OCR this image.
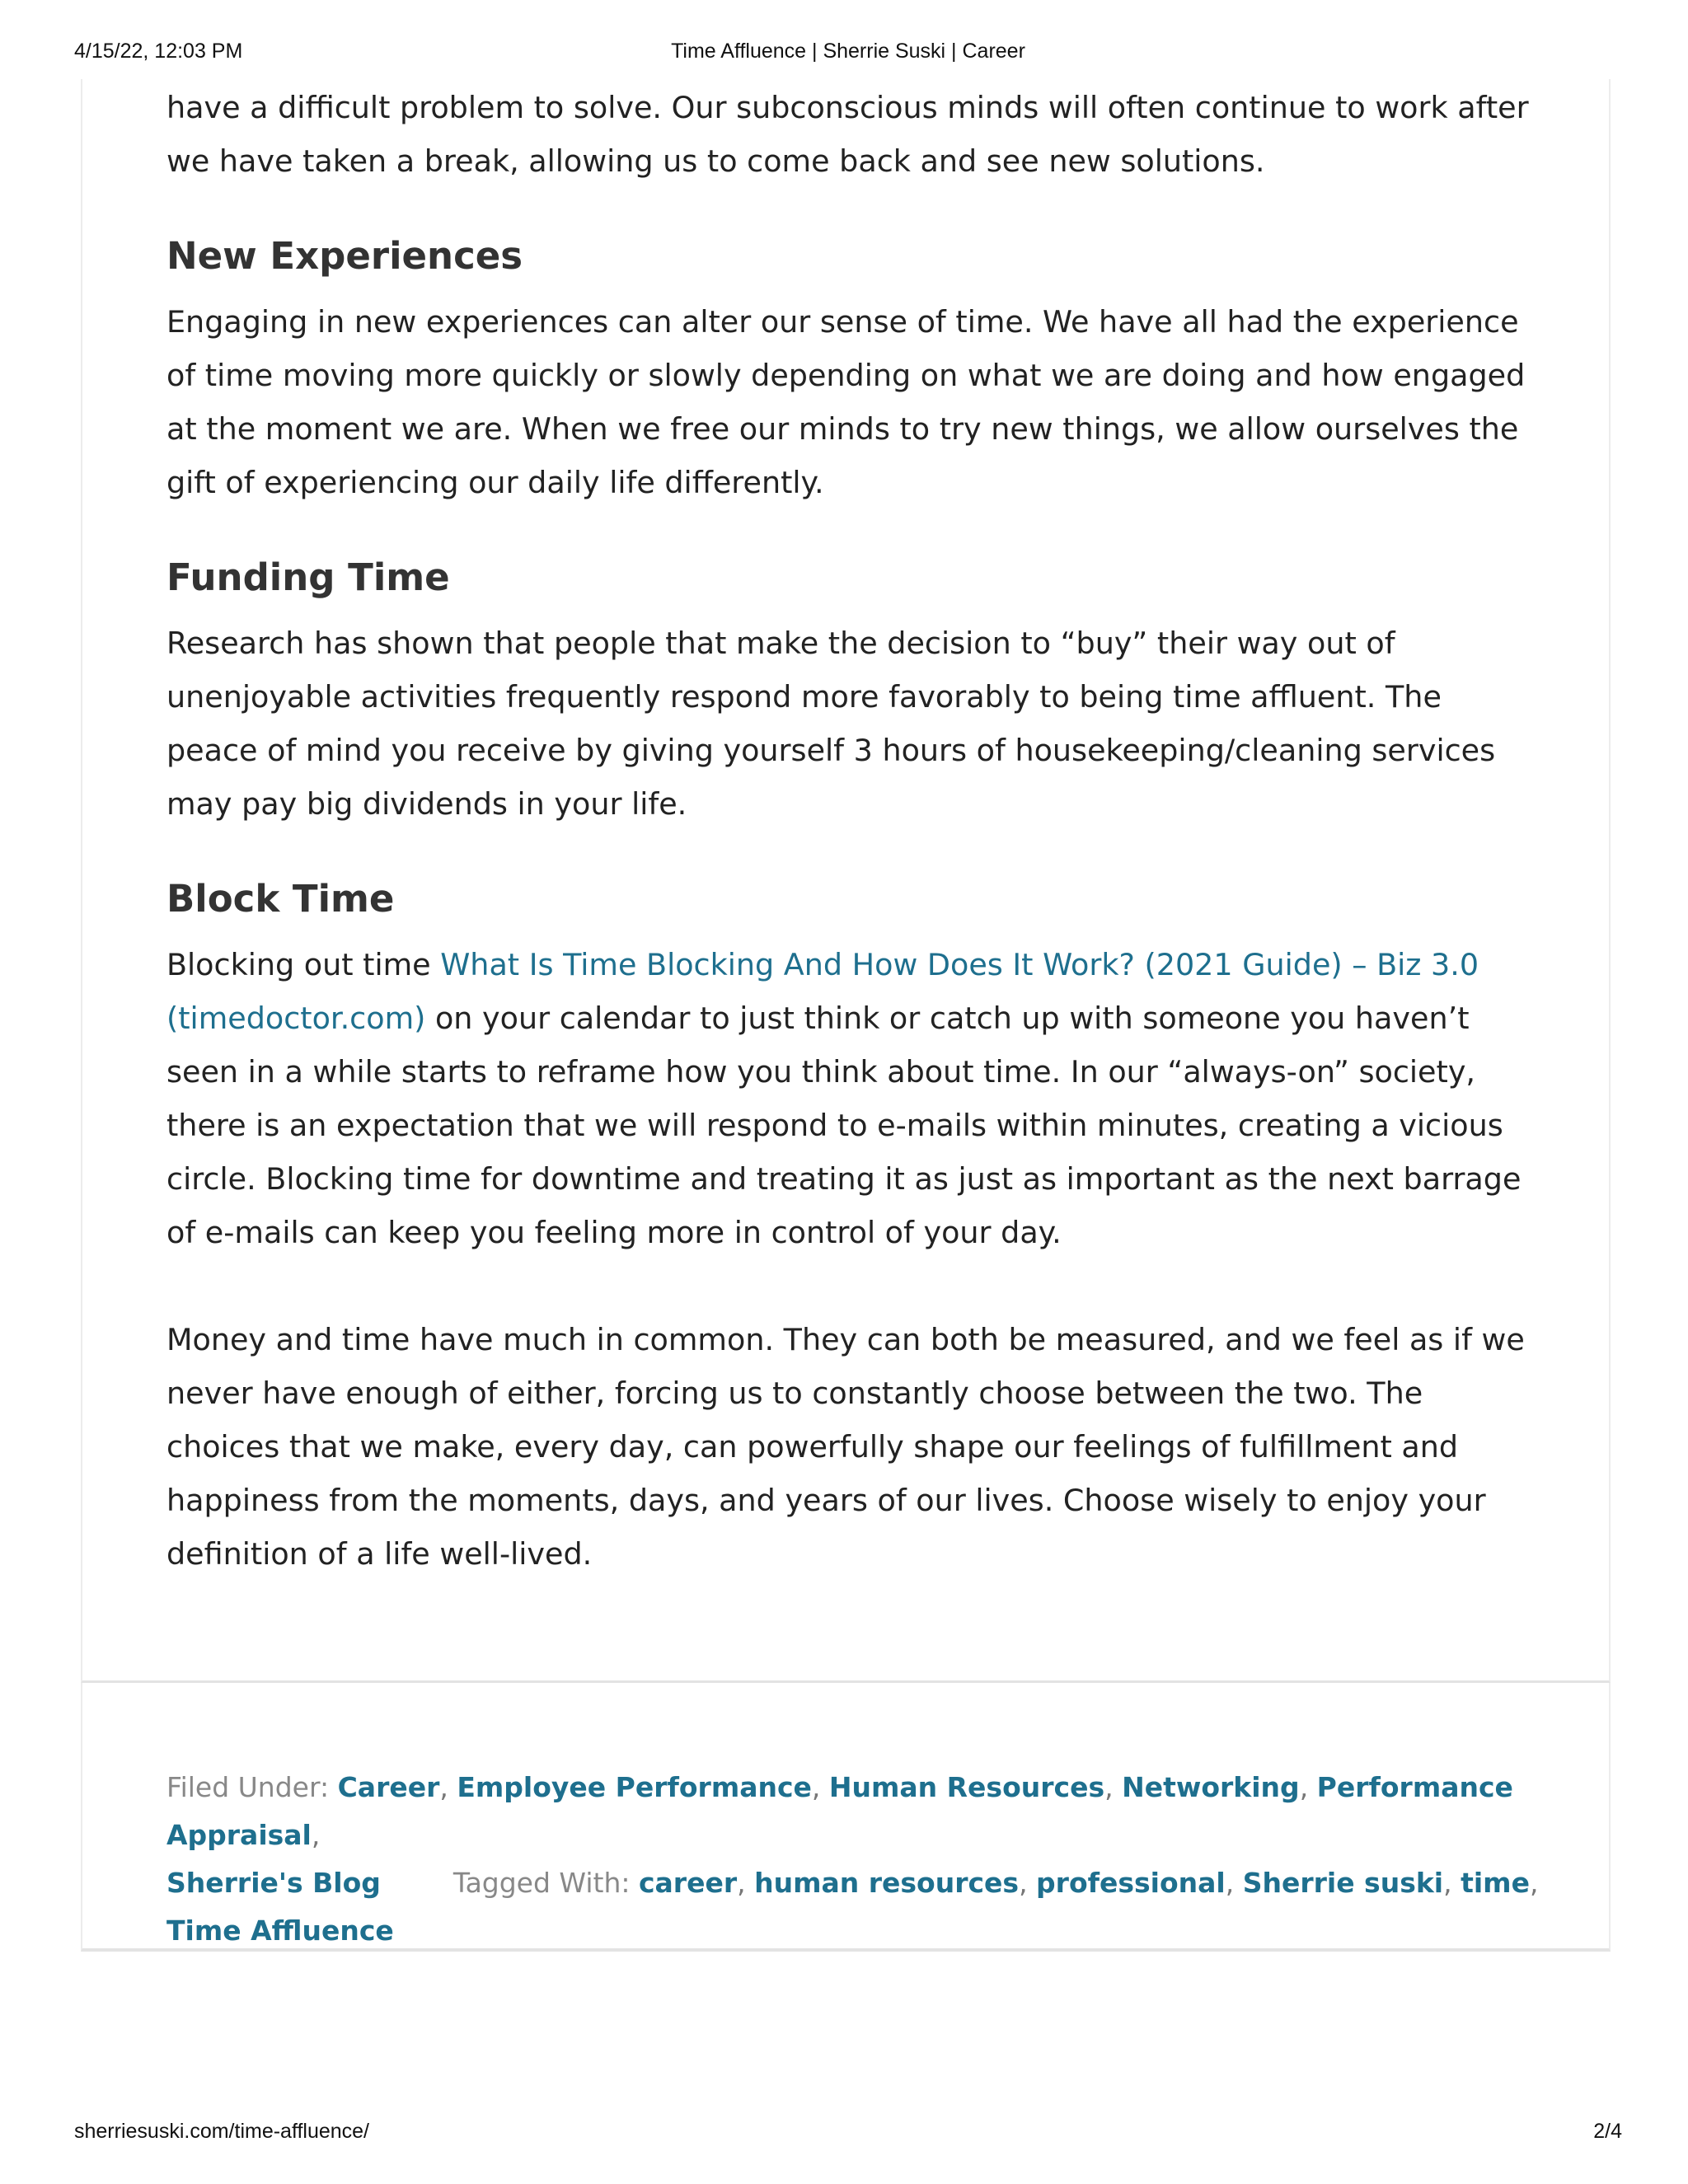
4/15/22, 12:03 PM	Time Affluence | Sherrie Suski | Career

have a difficult problem to solve. Our subconscious minds will often continue to work after we have taken a break, allowing us to come back and see new solutions.

New Experiences

Engaging in new experiences can alter our sense of time. We have all had the experience of time moving more quickly or slowly depending on what we are doing and how engaged at the moment we are. When we free our minds to try new things, we allow ourselves the gift of experiencing our daily life differently.

Funding Time

Research has shown that people that make the decision to “buy” their way out of unenjoyable activities frequently respond more favorably to being time affluent. The peace of mind you receive by giving yourself 3 hours of housekeeping/cleaning services may pay big dividends in your life.

Block Time

Blocking out time What Is Time Blocking And How Does It Work? (2021 Guide) – Biz 3.0 (timedoctor.com) on your calendar to just think or catch up with someone you haven’t seen in a while starts to reframe how you think about time. In our “always-on” society, there is an expectation that we will respond to e-mails within minutes, creating a vicious circle. Blocking time for downtime and treating it as just as important as the next barrage of e-mails can keep you feeling more in control of your day.

Money and time have much in common. They can both be measured, and we feel as if we never have enough of either, forcing us to constantly choose between the two. The choices that we make, every day, can powerfully shape our feelings of fulfillment and happiness from the moments, days, and years of our lives. Choose wisely to enjoy your definition of a life well-lived.

Filed Under: Career, Employee Performance, Human Resources, Networking, Performance Appraisal,
Sherrie's Blog	Tagged With: career, human resources, professional, Sherrie suski, time, Time Affluence
sherriesuski.com/time-affluence/	2/4
